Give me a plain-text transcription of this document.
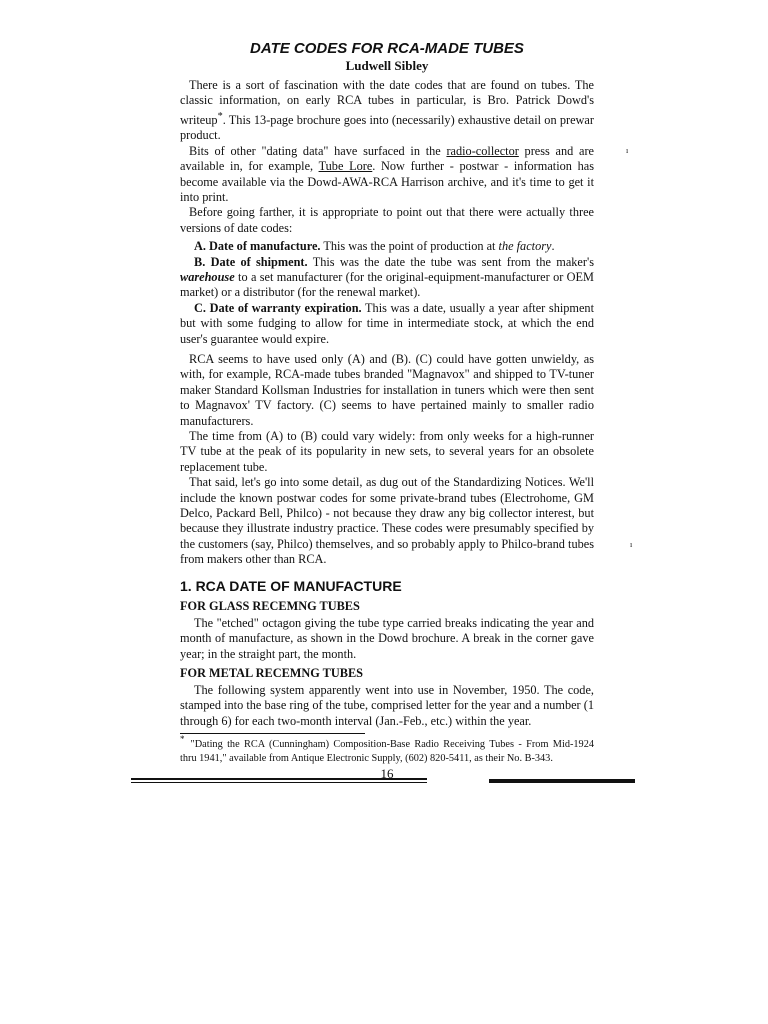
DATE CODES FOR RCA-MADE TUBES
Ludwell Sibley

There is a sort of fascination with the date codes that are found on tubes. The classic information, on early RCA tubes in particular, is Bro. Patrick Dowd's writeup*. This 13-page brochure goes into (necessarily) exhaustive detail on prewar product.

Bits of other "dating data" have surfaced in the radio-collector press and are available in, for example, Tube Lore. Now further - postwar - information has become available via the Dowd-AWA-RCA Harrison archive, and it's time to get it into print.

Before going farther, it is appropriate to point out that there were actually three versions of date codes:

A. Date of manufacture. This was the point of production at the factory.

B. Date of shipment. This was the date the tube was sent from the maker's warehouse to a set manufacturer (for the original-equipment-manufacturer or OEM market) or a distributor (for the renewal market).

C. Date of warranty expiration. This was a date, usually a year after shipment but with some fudging to allow for time in intermediate stock, at which the end user's guarantee would expire.

RCA seems to have used only (A) and (B). (C) could have gotten unwieldy, as with, for example, RCA-made tubes branded "Magnavox" and shipped to TV-tuner maker Standard Kollsman Industries for installation in tuners which were then sent to Magnavox' TV factory. (C) seems to have pertained mainly to smaller radio manufacturers.

The time from (A) to (B) could vary widely: from only weeks for a high-runner TV tube at the peak of its popularity in new sets, to several years for an obsolete replacement tube.

That said, let's go into some detail, as dug out of the Standardizing Notices. We'll include the known postwar codes for some private-brand tubes (Electrohome, GM Delco, Packard Bell, Philco) - not because they draw any big collector interest, but because they illustrate industry practice. These codes were presumably specified by the customers (say, Philco) themselves, and so probably apply to Philco-brand tubes from makers other than RCA.

1. RCA DATE OF MANUFACTURE
FOR GLASS RECEMNG TUBES

The "etched" octagon giving the tube type carried breaks indicating the year and month of manufacture, as shown in the Dowd brochure. A break in the corner gave year; in the straight part, the month.

FOR METAL RECEMNG TUBES

The following system apparently went into use in November, 1950. The code, stamped into the base ring of the tube, comprised letter for the year and a number (1 through 6) for each two-month interval (Jan.-Feb., etc.) within the year.

* "Dating the RCA (Cunningham) Composition-Base Radio Receiving Tubes - From Mid-1924 thru 1941," available from Antique Electronic Supply, (602) 820-5411, as their No. B-343.
16
ı
ı
